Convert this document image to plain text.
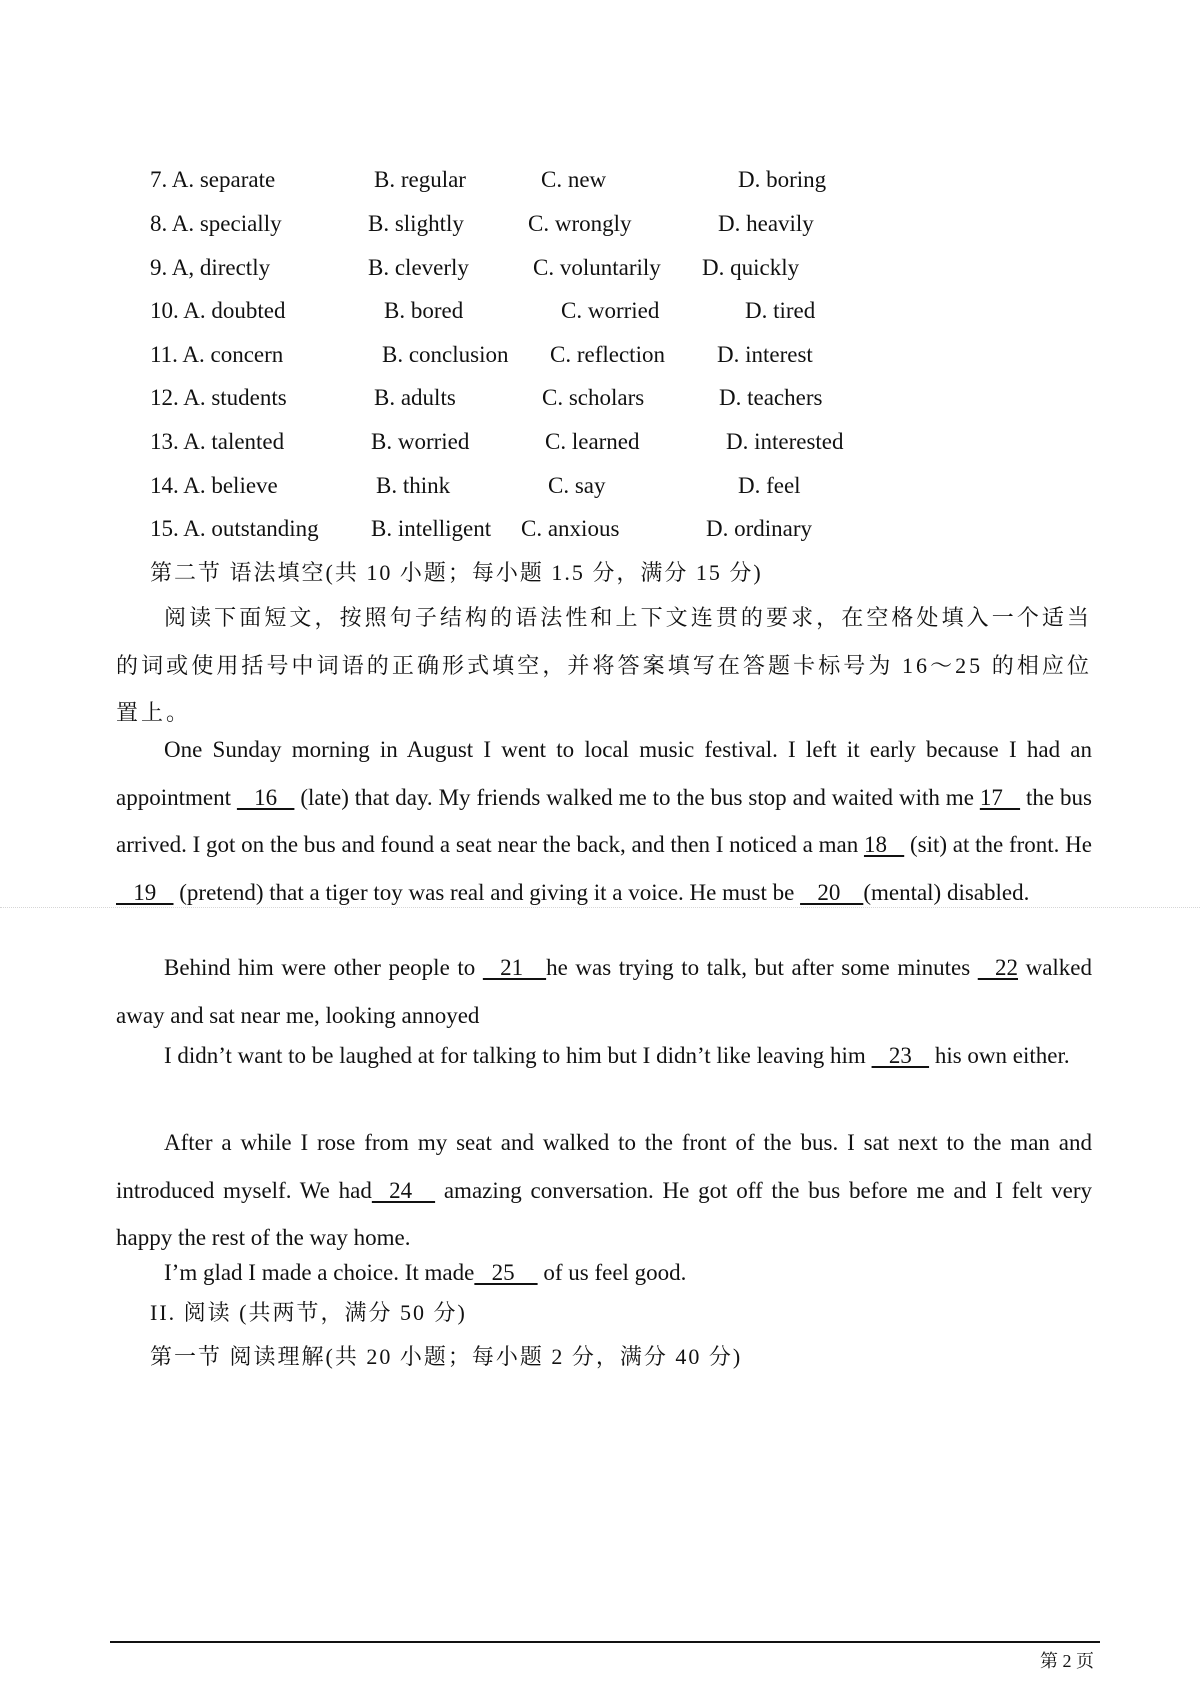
7. A. separate	B. regular	C. new	D. boring
8. A. specially	B. slightly	C. wrongly	D. heavily
9. A, directly	B. cleverly	C. voluntarily D. quickly
10. A. doubted	B. bored	C. worried	D. tired
11. A. concern	B. conclusion C. reflection D. interest
12. A. students	B. adults	C. scholars	D. teachers
13. A. talented	B. worried	C. learned	D. interested
14. A. believe	B. think	C. say	D. feel
15. A. outstanding B. intelligent C. anxious	D. ordinary
第二节 语法填空(共 10 小题；每小题 1.5 分，满分 15 分)

阅读下面短文，按照句子结构的语法性和上下文连贯的要求，在空格处填入一个适当的词或使用括号中词语的正确形式填空，并将答案填写在答题卡标号为 16～25 的相应位置上。

One Sunday morning in August I went to local music festival. I left it early because I had an appointment    16    (late) that day. My friends walked me to the bus stop and waited with me 17    the bus arrived. I got on the bus and found a seat near the back, and then I noticed a man 18    (sit) at the front. He    19    (pretend) that a tiger toy was real and giving it a voice. He must be    20    (mental) disabled.

Behind him were other people to    21    he was trying to talk, but after some minutes    22 walked away and sat near me, looking annoyed

I didn’t want to be laughed at for talking to him but I didn’t like leaving him    23    his own either.

After a while I rose from my seat and walked to the front of the bus. I sat next to the man and introduced myself. We had   24     amazing conversation. He got off the bus before me and I felt very happy the rest of the way home.

I’m glad I made a choice. It made   25     of us feel good.

II. 阅读 (共两节，满分 50 分)
第一节 阅读理解(共 20 小题；每小题 2 分，满分 40 分)
第 2 页
